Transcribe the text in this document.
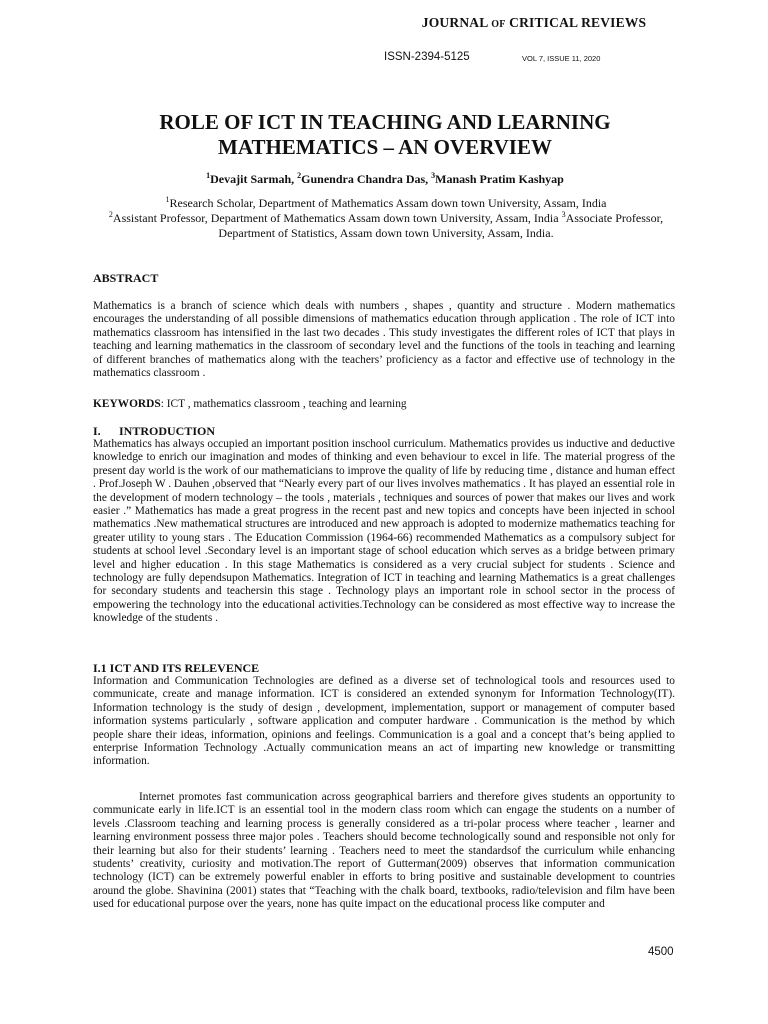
JOURNAL OF CRITICAL REVIEWS
ISSN-2394-5125	VOL 7, ISSUE 11, 2020
ROLE OF ICT IN TEACHING AND LEARNING
MATHEMATICS – AN OVERVIEW
$^1$Devajit Sarmah, $^2$Gunendra Chandra Das, $^3$Manash Pratim Kashyap
$^1$Research Scholar, Department of Mathematics Assam down town University, Assam, India
$^2$Assistant Professor, Department of Mathematics Assam down town University, Assam, India $^3$Associate Professor, Department of Statistics, Assam down town University, Assam, India.
ABSTRACT
Mathematics is a branch of science which deals with numbers , shapes , quantity and structure . Modern mathematics encourages the understanding of all possible dimensions of mathematics education through application . The role of ICT into mathematics classroom has intensified in the last two decades . This study investigates the different roles of ICT that plays in teaching and learning mathematics in the classroom of secondary level and the functions of the tools in teaching and learning of different branches of mathematics along with the teachers’ proficiency as a factor and effective use of technology in the mathematics classroom .
KEYWORDS: ICT , mathematics classroom , teaching and learning
I. INTRODUCTION
Mathematics has always occupied an important position inschool curriculum. Mathematics provides us inductive and deductive knowledge to enrich our imagination and modes of thinking and even behaviour to excel in life. The material progress of the present day world is the work of our mathematicians to improve the quality of life by reducing time , distance and human effect . Prof.Joseph W . Dauhen ,observed that “Nearly every part of our lives involves mathematics . It has played an essential role in the development of modern technology – the tools , materials , techniques and sources of power that makes our lives and work easier .” Mathematics has made a great progress in the recent past and new topics and concepts have been injected in school mathematics .New mathematical structures are introduced and new approach is adopted to modernize mathematics teaching for greater utility to young stars . The Education Commission (1964-66) recommended Mathematics as a compulsory subject for students at school level .Secondary level is an important stage of school education which serves as a bridge between primary level and higher education . In this stage Mathematics is considered as a very crucial subject for students . Science and technology are fully dependsupon Mathematics. Integration of ICT in teaching and learning Mathematics is a great challenges for secondary students and teachersin this stage . Technology plays an important role in school sector in the process of empowering the technology into the educational activities.Technology can be considered as most effective way to increase the knowledge of the students .
I.1 ICT AND ITS RELEVENCE
Information and Communication Technologies are defined as a diverse set of technological tools and resources used to communicate, create and manage information. ICT is considered an extended synonym for Information Technology(IT). Information technology is the study of design , development, implementation, support or management of computer based information systems particularly , software application and computer hardware . Communication is the method by which people share their ideas, information, opinions and feelings. Communication is a goal and a concept that’s being applied to enterprise Information Technology .Actually communication means an act of imparting new knowledge or transmitting information.
Internet promotes fast communication across geographical barriers and therefore gives students an opportunity to communicate early in life.ICT is an essential tool in the modern class room which can engage the students on a number of levels .Classroom teaching and learning process is generally considered as a tri-polar process where teacher , learner and learning environment possess three major poles . Teachers should become technologically sound and responsible not only for their learning but also for their students’ learning . Teachers need to meet the standardsof the curriculum while enhancing students’ creativity, curiosity and motivation.The report of Gutterman(2009) observes that information communication technology (ICT) can be extremely powerful enabler in efforts to bring positive and sustainable development to countries around the globe. Shavinina (2001) states that “Teaching with the chalk board, textbooks, radio/television and film have been used for educational purpose over the years, none has quite impact on the educational process like computer and
4500
